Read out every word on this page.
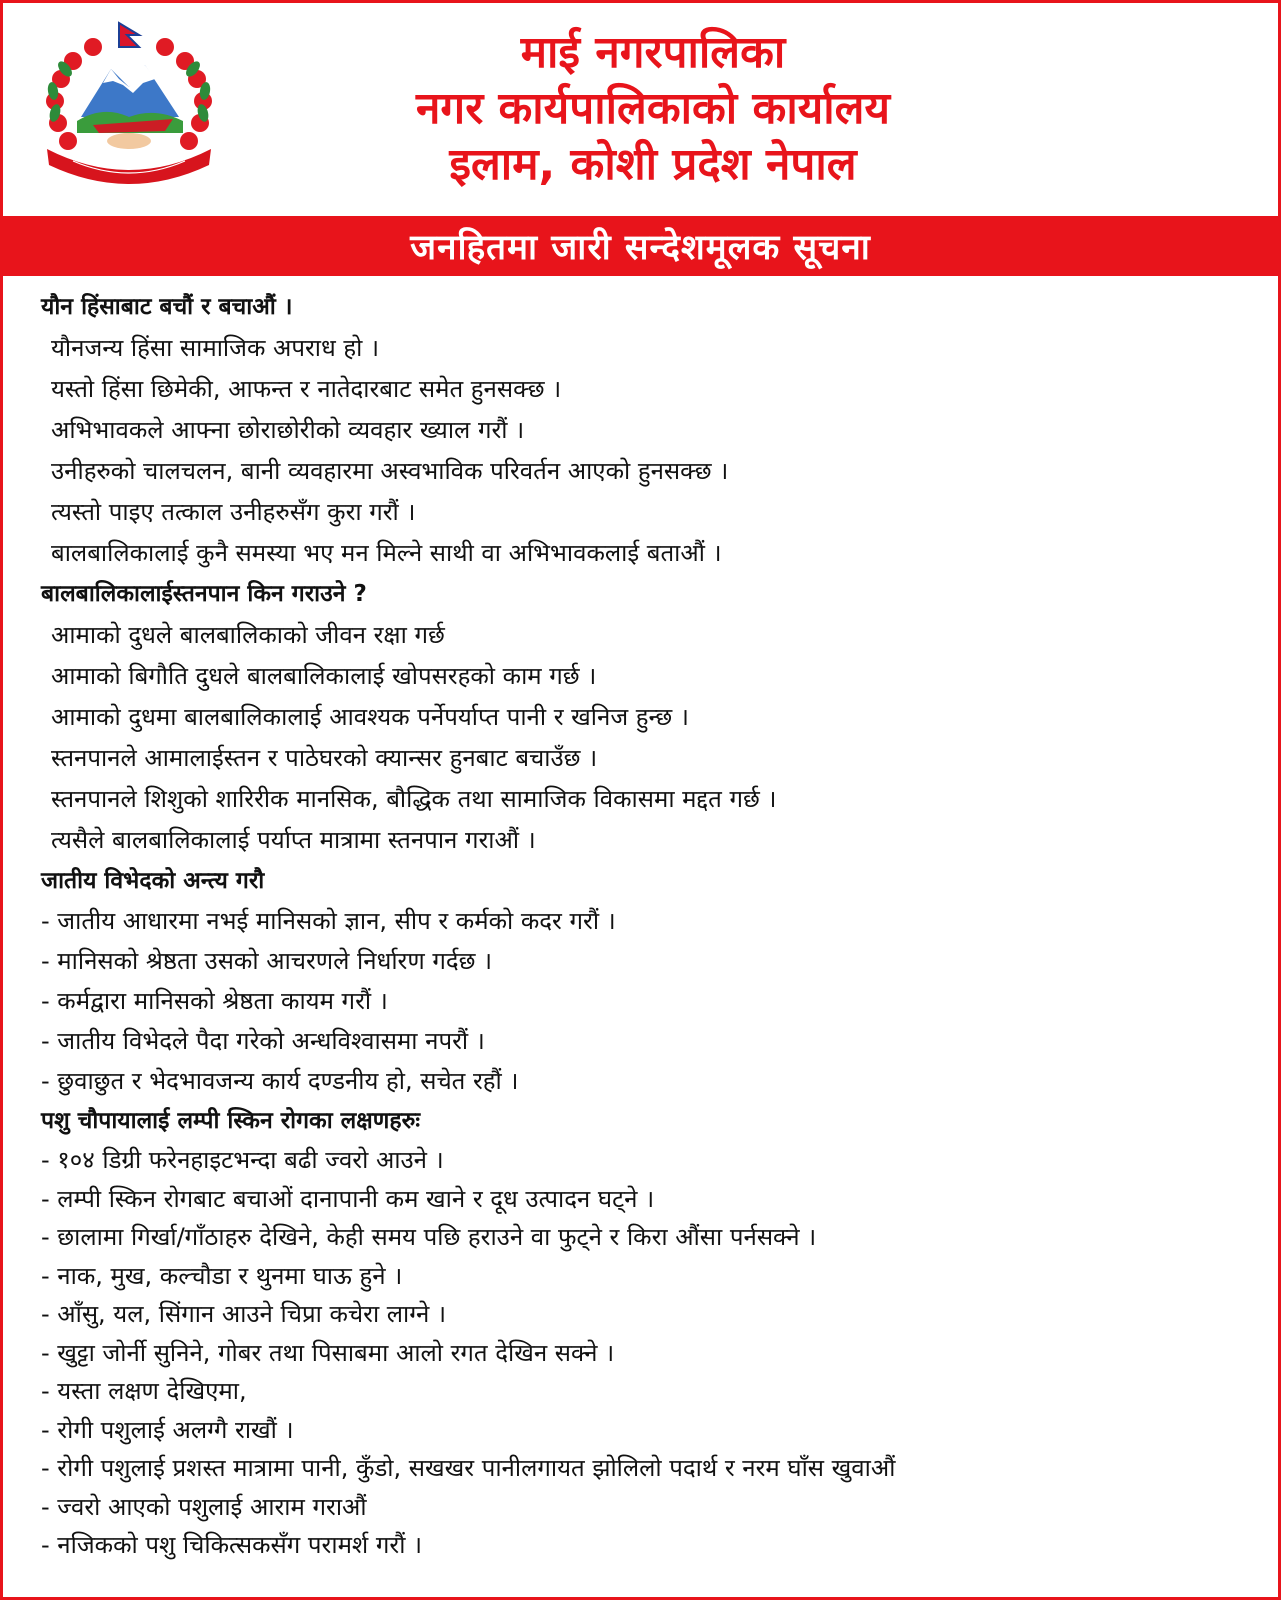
माई नगरपालिका
नगर कार्यपालिकाको कार्यालय
इलाम, कोशी प्रदेश नेपाल
जनहितमा जारी सन्देशमूलक सूचना
यौन हिंसाबाट बचौं र बचाऔं ।
यौनजन्य हिंसा सामाजिक अपराध हो ।
यस्तो हिंसा छिमेकी, आफन्त र नातेदारबाट समेत हुनसक्छ ।
अभिभावकले आफ्ना छोराछोरीको व्यवहार ख्याल गरौं ।
उनीहरुको चालचलन, बानी व्यवहारमा अस्वभाविक परिवर्तन आएको हुनसक्छ ।
त्यस्तो पाइए तत्काल उनीहरुसँग कुरा गरौं ।
बालबालिकालाई कुनै समस्या भए मन मिल्ने साथी वा अभिभावकलाई बताऔं ।
बालबालिकालाईस्तनपान किन गराउने ?
आमाको दुधले बालबालिकाको जीवन रक्षा गर्छ
आमाको बिगौति दुधले बालबालिकालाई खोपसरहको काम गर्छ ।
आमाको दुधमा बालबालिकालाई आवश्यक पर्नेपर्याप्त पानी र खनिज हुन्छ ।
स्तनपानले आमालाईस्तन र पाठेघरको क्यान्सर हुनबाट बचाउँछ ।
स्तनपानले शिशुको शारिरीक मानसिक, बौद्धिक तथा सामाजिक विकासमा मद्दत गर्छ ।
त्यसैले बालबालिकालाई पर्याप्त मात्रामा स्तनपान गराऔं ।
जातीय विभेदको अन्त्य गरौ
- जातीय आधारमा नभई मानिसको ज्ञान, सीप र कर्मको कदर गरौं ।
- मानिसको श्रेष्ठता उसको आचरणले निर्धारण गर्दछ ।
- कर्मद्वारा मानिसको श्रेष्ठता कायम गरौं ।
- जातीय विभेदले पैदा गरेको अन्धविश्वासमा नपरौं ।
- छुवाछुत र भेदभावजन्य कार्य दण्डनीय हो, सचेत रहौं ।
पशु चौपायालाई लम्पी स्किन रोगका लक्षणहरुः
- १०४ डिग्री फरेनहाइटभन्दा बढी ज्वरो आउने ।
- लम्पी स्किन रोगबाट बचाओं दानापानी कम खाने र दूध उत्पादन घट्ने ।
- छालामा गिर्खा/गाँठाहरु देखिने, केही समय पछि हराउने वा फुट्ने र किरा औंसा पर्नसक्ने ।
- नाक, मुख, कल्चौडा र थुनमा घाऊ हुने ।
- आँसु, यल, सिंगान आउने चिप्रा कचेरा लाग्ने ।
- खुट्टा जोर्नी सुनिने, गोबर तथा पिसाबमा आलो रगत देखिन सक्ने ।
- यस्ता लक्षण देखिएमा,
- रोगी पशुलाई अलग्गै राखौं ।
- रोगी पशुलाई प्रशस्त मात्रामा पानी, कुँडो, सखखर पानीलगायत झोलिलो पदार्थ र नरम घाँस खुवाऔं
- ज्वरो आएको पशुलाई आराम गराऔं
- नजिकको पशु चिकित्सकसँग परामर्श गरौं ।
